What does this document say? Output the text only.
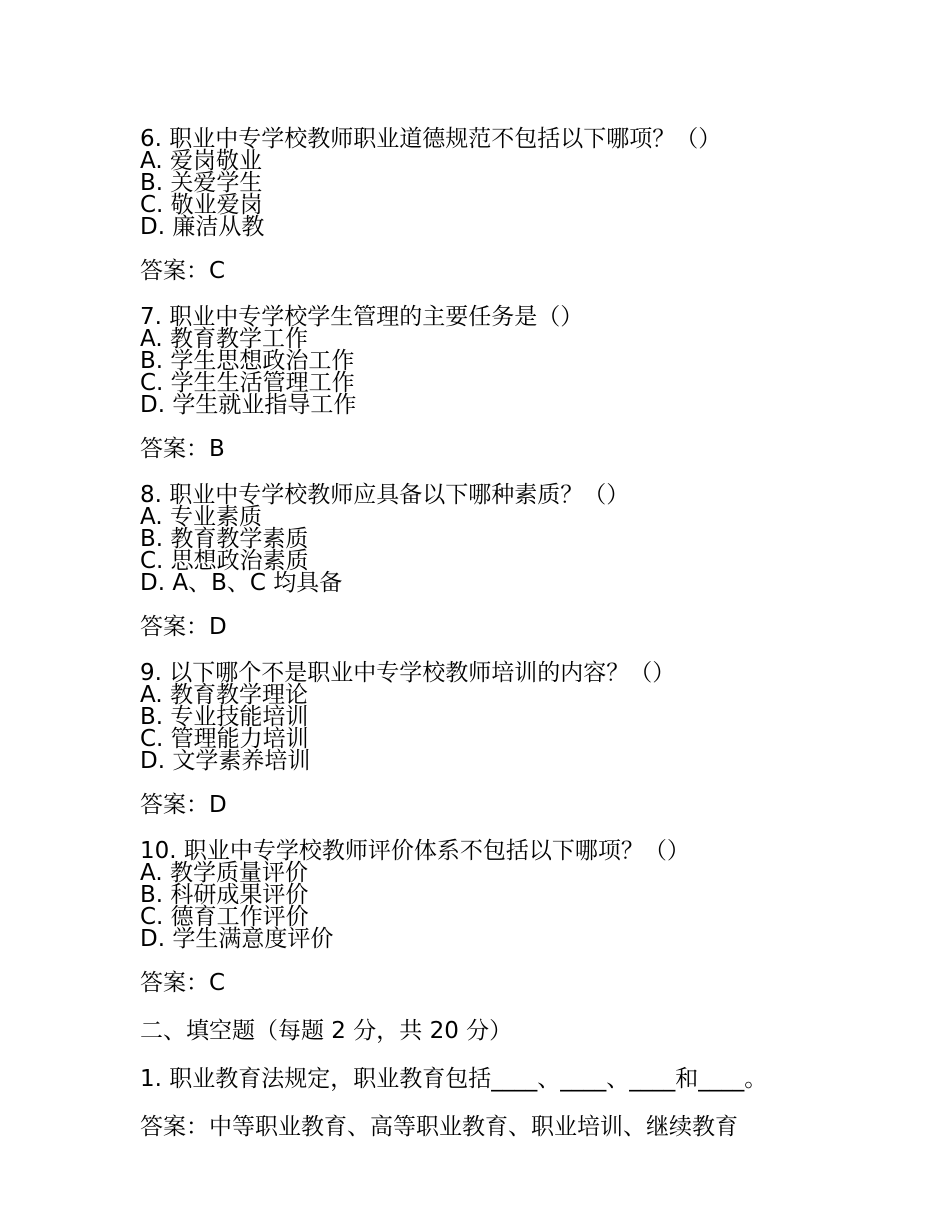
6. 职业中专学校教师职业道德规范不包括以下哪项？（）
A. 爱岗敬业
B. 关爱学生
C. 敬业爱岗
D. 廉洁从教
答案：C
7. 职业中专学校学生管理的主要任务是（）
A. 教育教学工作
B. 学生思想政治工作
C. 学生生活管理工作
D. 学生就业指导工作
答案：B
8. 职业中专学校教师应具备以下哪种素质？（）
A. 专业素质
B. 教育教学素质
C. 思想政治素质
D. A、B、C 均具备
答案：D
9. 以下哪个不是职业中专学校教师培训的内容？（）
A. 教育教学理论
B. 专业技能培训
C. 管理能力培训
D. 文学素养培训
答案：D
10. 职业中专学校教师评价体系不包括以下哪项？（）
A. 教学质量评价
B. 科研成果评价
C. 德育工作评价
D. 学生满意度评价
答案：C
二、填空题（每题 2 分，共 20 分）
1. 职业教育法规定，职业教育包括____、____、____和____。
答案：中等职业教育、高等职业教育、职业培训、继续教育
